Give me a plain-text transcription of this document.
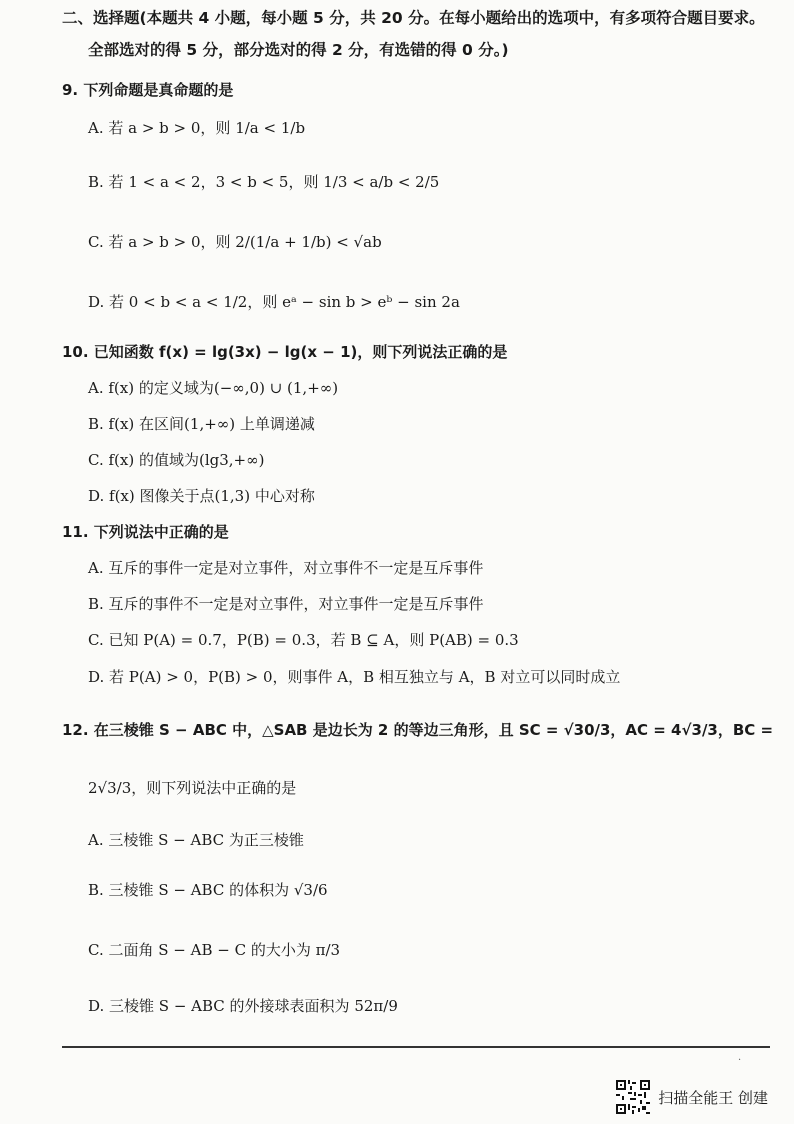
二、选择题(本题共 4 小题，每小题 5 分，共 20 分。在每小题给出的选项中，有多项符合题目要求。
全部选对的得 5 分，部分选对的得 2 分，有选错的得 0 分。)
9. 下列命题是真命题的是
A. 若 a > b > 0，则 1/a < 1/b
B. 若 1 < a < 2，3 < b < 5，则 1/3 < a/b < 2/5
C. 若 a > b > 0，则 2/(1/a + 1/b) < √ab
D. 若 0 < b < a < 1/2，则 eᵃ − sin b > eᵇ − sin 2a
10. 已知函数 f(x) = lg(3x) − lg(x − 1)，则下列说法正确的是
A. f(x) 的定义域为(−∞,0) ∪ (1,+∞)
B. f(x) 在区间(1,+∞) 上单调递减
C. f(x) 的值域为(lg3,+∞)
D. f(x) 图像关于点(1,3) 中心对称
11. 下列说法中正确的是
A. 互斥的事件一定是对立事件，对立事件不一定是互斥事件
B. 互斥的事件不一定是对立事件，对立事件一定是互斥事件
C. 已知 P(A) = 0.7，P(B) = 0.3，若 B ⊆ A，则 P(AB) = 0.3
D. 若 P(A) > 0，P(B) > 0，则事件 A，B 相互独立与 A，B 对立可以同时成立
12. 在三棱锥 S − ABC 中，△SAB 是边长为 2 的等边三角形，且 SC = √30/3，AC = 4√3/3，BC =
2√3/3，则下列说法中正确的是
A. 三棱锥 S − ABC 为正三棱锥
B. 三棱锥 S − ABC 的体积为 √3/6
C. 二面角 S − AB − C 的大小为 π/3
D. 三棱锥 S − ABC 的外接球表面积为 52π/9
·
扫描全能王 创建
